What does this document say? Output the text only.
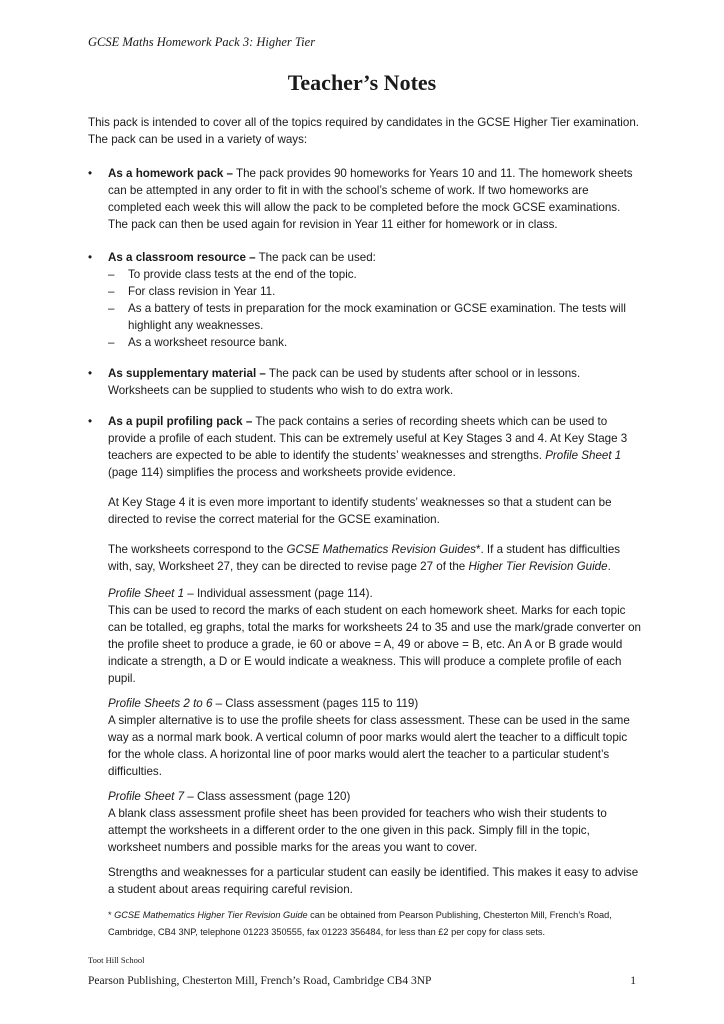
GCSE Maths Homework Pack 3: Higher Tier
Teacher’s Notes

This pack is intended to cover all of the topics required by candidates in the GCSE Higher Tier examination. The pack can be used in a variety of ways:

• As a homework pack – The pack provides 90 homeworks for Years 10 and 11. The homework sheets can be attempted in any order to fit in with the school’s scheme of work. If two homeworks are completed each week this will allow the pack to be completed before the mock GCSE examinations. The pack can then be used again for revision in Year 11 either for homework or in class.

• As a classroom resource – The pack can be used:

– To provide class tests at the end of the topic.

– For class revision in Year 11.

– As a battery of tests in preparation for the mock examination or GCSE examination. The tests will highlight any weaknesses.

– As a worksheet resource bank.

• As supplementary material – The pack can be used by students after school or in lessons. Worksheets can be supplied to students who wish to do extra work.

• As a pupil profiling pack – The pack contains a series of recording sheets which can be used to provide a profile of each student. This can be extremely useful at Key Stages 3 and 4. At Key Stage 3 teachers are expected to be able to identify the students’ weaknesses and strengths. Profile Sheet 1 (page 114) simplifies the process and worksheets provide evidence.

At Key Stage 4 it is even more important to identify students’ weaknesses so that a student can be directed to revise the correct material for the GCSE examination.

The worksheets correspond to the GCSE Mathematics Revision Guides*. If a student has difficulties with, say, Worksheet 27, they can be directed to revise page 27 of the Higher Tier Revision Guide.

Profile Sheet 1 – Individual assessment (page 114).

This can be used to record the marks of each student on each homework sheet. Marks for each topic can be totalled, eg graphs, total the marks for worksheets 24 to 35 and use the mark/grade converter on the profile sheet to produce a grade, ie 60 or above = A, 49 or above = B, etc. An A or B grade would indicate a strength, a D or E would indicate a weakness. This will produce a complete profile of each pupil.

Profile Sheets 2 to 6 – Class assessment (pages 115 to 119)

A simpler alternative is to use the profile sheets for class assessment. These can be used in the same way as a normal mark book. A vertical column of poor marks would alert the teacher to a difficult topic for the whole class. A horizontal line of poor marks would alert the teacher to a particular student’s difficulties.

Profile Sheet 7 – Class assessment (page 120)

A blank class assessment profile sheet has been provided for teachers who wish their students to attempt the worksheets in a different order to the one given in this pack. Simply fill in the topic, worksheet numbers and possible marks for the areas you want to cover.

Strengths and weaknesses for a particular student can easily be identified. This makes it easy to advise a student about areas requiring careful revision.

* GCSE Mathematics Higher Tier Revision Guide can be obtained from Pearson Publishing, Chesterton Mill, French’s Road, Cambridge, CB4 3NP, telephone 01223 350555, fax 01223 356484, for less than £2 per copy for class sets.

Toot Hill School
Pearson Publishing, Chesterton Mill, French’s Road, Cambridge CB4 3NP	1
